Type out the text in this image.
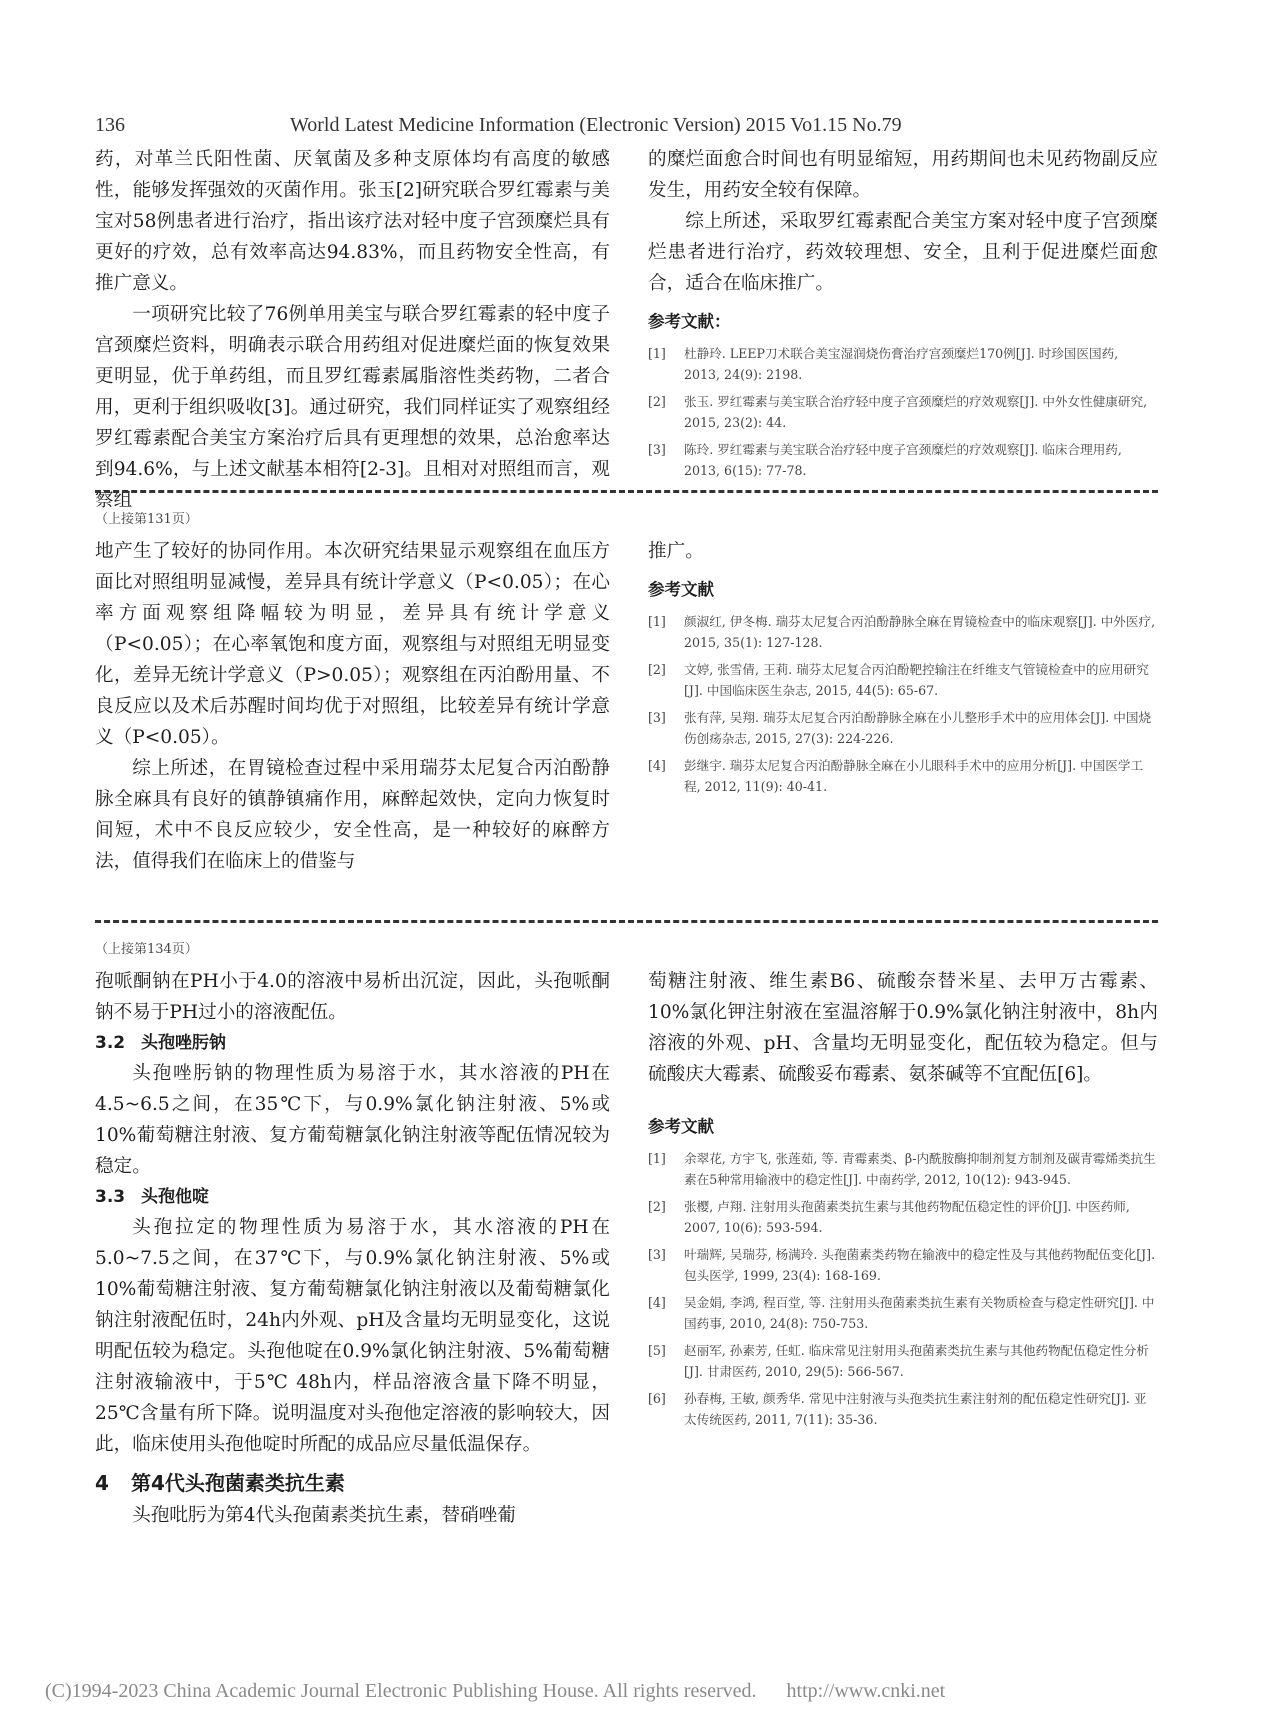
136	World Latest Medicine Information (Electronic Version) 2015 Vo1.15 No.79

药，对革兰氏阳性菌、厌氧菌及多种支原体均有高度的敏感性，能够发挥强效的灭菌作用。张玉[2]研究联合罗红霉素与美宝对58例患者进行治疗，指出该疗法对轻中度子宫颈糜烂具有更好的疗效，总有效率高达94.83%，而且药物安全性高，有推广意义。

一项研究比较了76例单用美宝与联合罗红霉素的轻中度子宫颈糜烂资料，明确表示联合用药组对促进糜烂面的恢复效果更明显，优于单药组，而且罗红霉素属脂溶性类药物，二者合用，更利于组织吸收[3]。通过研究，我们同样证实了观察组经罗红霉素配合美宝方案治疗后具有更理想的效果，总治愈率达到94.6%，与上述文献基本相符[2-3]。且相对对照组而言，观察组

的糜烂面愈合时间也有明显缩短，用药期间也未见药物副反应发生，用药安全较有保障。

综上所述，采取罗红霉素配合美宝方案对轻中度子宫颈糜烂患者进行治疗，药效较理想、安全，且利于促进糜烂面愈合，适合在临床推广。

参考文献：
[1]	杜静玲. LEEP刀术联合美宝湿润烧伤膏治疗宫颈糜烂170例[J]. 时珍国医国药, 2013, 24(9): 2198.
[2]	张玉. 罗红霉素与美宝联合治疗轻中度子宫颈糜烂的疗效观察[J]. 中外女性健康研究, 2015, 23(2): 44.
[3]	陈玲. 罗红霉素与美宝联合治疗轻中度子宫颈糜烂的疗效观察[J]. 临床合理用药, 2013, 6(15): 77-78.
（上接第131页）

地产生了较好的协同作用。本次研究结果显示观察组在血压方面比对照组明显减慢，差异具有统计学意义（P<0.05）；在心率方面观察组降幅较为明显，差异具有统计学意义（P<0.05）；在心率氧饱和度方面，观察组与对照组无明显变化，差异无统计学意义（P>0.05）；观察组在丙泊酚用量、不良反应以及术后苏醒时间均优于对照组，比较差异有统计学意义（P<0.05）。

综上所述，在胃镜检查过程中采用瑞芬太尼复合丙泊酚静脉全麻具有良好的镇静镇痛作用，麻醉起效快，定向力恢复时间短，术中不良反应较少，安全性高，是一种较好的麻醉方法，值得我们在临床上的借鉴与

推广。

参考文献
[1]	颜淑红, 伊冬梅. 瑞芬太尼复合丙泊酚静脉全麻在胃镜检查中的临床观察[J]. 中外医疗, 2015, 35(1): 127-128.
[2]	文婷, 张雪倩, 王莉. 瑞芬太尼复合丙泊酚靶控输注在纤维支气管镜检查中的应用研究[J]. 中国临床医生杂志, 2015, 44(5): 65-67.
[3]	张有萍, 吴翔. 瑞芬太尼复合丙泊酚静脉全麻在小儿整形手术中的应用体会[J]. 中国烧伤创疡杂志, 2015, 27(3): 224-226.
[4]	彭继宇. 瑞芬太尼复合丙泊酚静脉全麻在小儿眼科手术中的应用分析[J]. 中国医学工程, 2012, 11(9): 40-41.
（上接第134页）

孢哌酮钠在PH小于4.0的溶液中易析出沉淀，因此，头孢哌酮钠不易于PH过小的溶液配伍。

3.2 头孢唑肟钠

头孢唑肟钠的物理性质为易溶于水，其水溶液的PH在4.5~6.5之间，在35℃下，与0.9%氯化钠注射液、5%或10%葡萄糖注射液、复方葡萄糖氯化钠注射液等配伍情况较为稳定。

3.3 头孢他啶

头孢拉定的物理性质为易溶于水，其水溶液的PH在5.0~7.5之间，在37℃下，与0.9%氯化钠注射液、5%或10%葡萄糖注射液、复方葡萄糖氯化钠注射液以及葡萄糖氯化钠注射液配伍时，24h内外观、pH及含量均无明显变化，这说明配伍较为稳定。头孢他啶在0.9%氯化钠注射液、5%葡萄糖注射液输液中，于5℃ 48h内，样品溶液含量下降不明显，25℃含量有所下降。说明温度对头孢他定溶液的影响较大，因此，临床使用头孢他啶时所配的成品应尽量低温保存。

4 第4代头孢菌素类抗生素

头孢吡肟为第4代头孢菌素类抗生素，替硝唑葡

萄糖注射液、维生素B6、硫酸奈替米星、去甲万古霉素、10%氯化钾注射液在室温溶解于0.9%氯化钠注射液中，8h内溶液的外观、pH、含量均无明显变化，配伍较为稳定。但与硫酸庆大霉素、硫酸妥布霉素、氨茶碱等不宜配伍[6]。

参考文献
[1]	余翠花, 方宇飞, 张莲茹, 等. 青霉素类、β-内酰胺酶抑制剂复方制剂及碳青霉烯类抗生素在5种常用输液中的稳定性[J]. 中南药学, 2012, 10(12): 943-945.
[2]	张樱, 卢翔. 注射用头孢菌素类抗生素与其他药物配伍稳定性的评价[J]. 中医药师, 2007, 10(6): 593-594.
[3]	叶瑞辉, 吴瑞芬, 杨满玲. 头孢菌素类药物在输液中的稳定性及与其他药物配伍变化[J]. 包头医学, 1999, 23(4): 168-169.
[4]	吴金娟, 李鸿, 程百堂, 等. 注射用头孢菌素类抗生素有关物质检查与稳定性研究[J]. 中国药事, 2010, 24(8): 750-753.
[5]	赵丽军, 孙素芳, 任虹. 临床常见注射用头孢菌素类抗生素与其他药物配伍稳定性分析[J]. 甘肃医药, 2010, 29(5): 566-567.
[6]	孙春梅, 王敏, 颜秀华. 常见中注射液与头孢类抗生素注射剂的配伍稳定性研究[J]. 亚太传统医药, 2011, 7(11): 35-36.
(C)1994-2023 China Academic Journal Electronic Publishing House. All rights reserved. http://www.cnki.net
